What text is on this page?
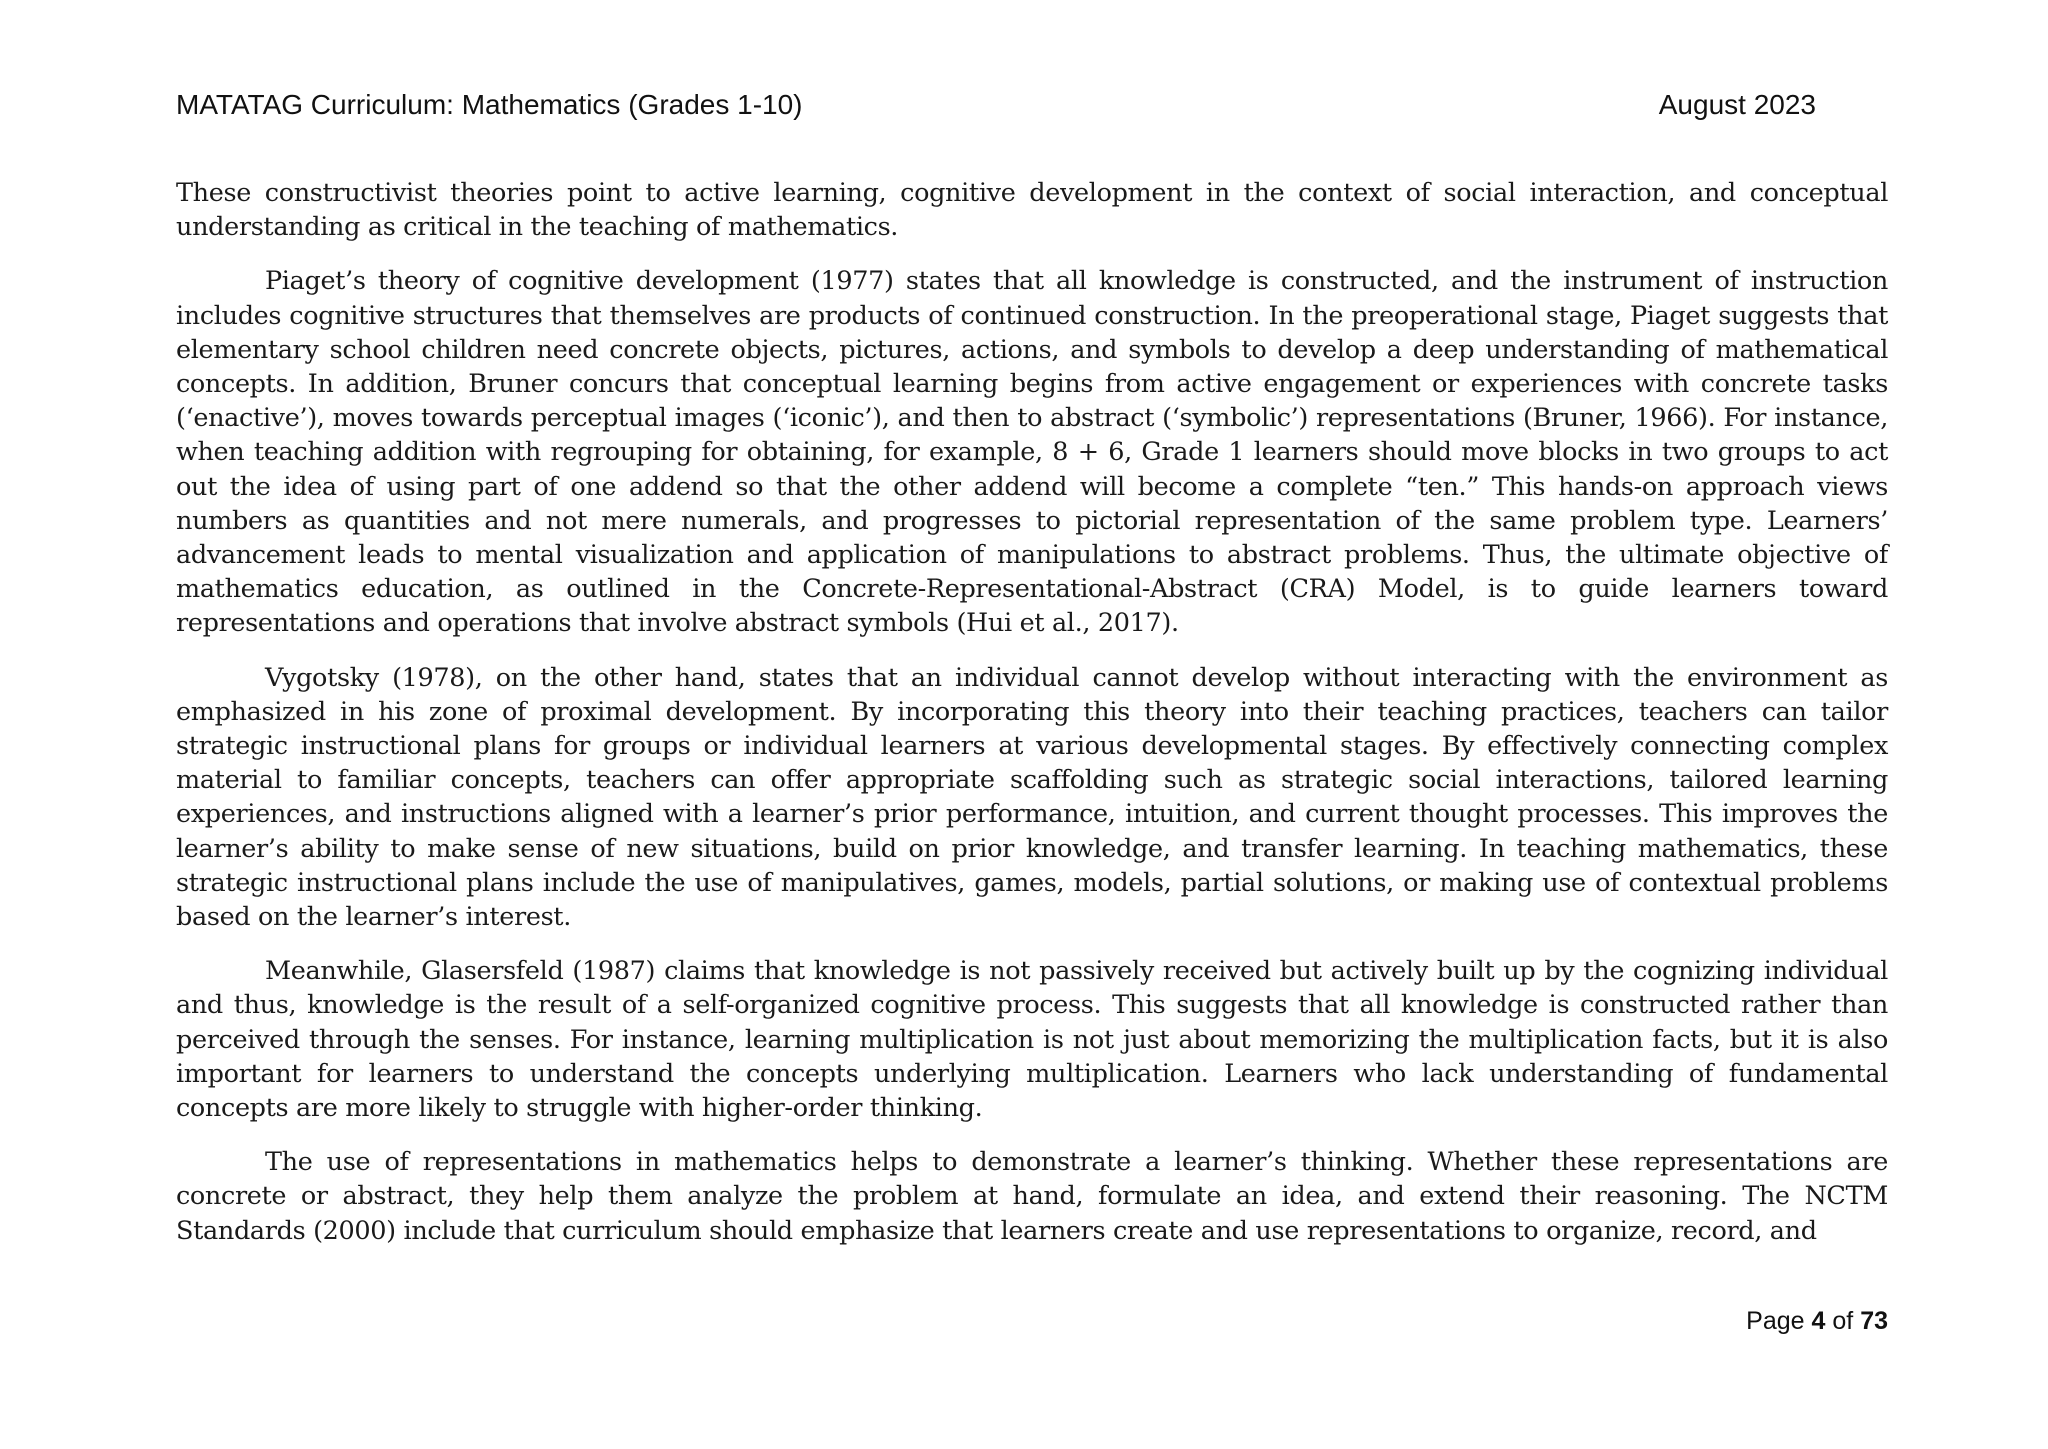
MATATAG Curriculum: Mathematics (Grades 1-10)	August 2023

These constructivist theories point to active learning, cognitive development in the context of social interaction, and conceptual understanding as critical in the teaching of mathematics.

Piaget’s theory of cognitive development (1977) states that all knowledge is constructed, and the instrument of instruction includes cognitive structures that themselves are products of continued construction. In the preoperational stage, Piaget suggests that elementary school children need concrete objects, pictures, actions, and symbols to develop a deep understanding of mathematical concepts. In addition, Bruner concurs that conceptual learning begins from active engagement or experiences with concrete tasks (‘enactive’), moves towards perceptual images (‘iconic’), and then to abstract (‘symbolic’) representations (Bruner, 1966). For instance, when teaching addition with regrouping for obtaining, for example, 8 + 6, Grade 1 learners should move blocks in two groups to act out the idea of using part of one addend so that the other addend will become a complete “ten.” This hands-on approach views numbers as quantities and not mere numerals, and progresses to pictorial representation of the same problem type. Learners’ advancement leads to mental visualization and application of manipulations to abstract problems. Thus, the ultimate objective of mathematics education, as outlined in the Concrete-Representational-Abstract (CRA) Model, is to guide learners toward representations and operations that involve abstract symbols (Hui et al., 2017).

Vygotsky (1978), on the other hand, states that an individual cannot develop without interacting with the environment as emphasized in his zone of proximal development. By incorporating this theory into their teaching practices, teachers can tailor strategic instructional plans for groups or individual learners at various developmental stages. By effectively connecting complex material to familiar concepts, teachers can offer appropriate scaffolding such as strategic social interactions, tailored learning experiences, and instructions aligned with a learner’s prior performance, intuition, and current thought processes. This improves the learner’s ability to make sense of new situations, build on prior knowledge, and transfer learning. In teaching mathematics, these strategic instructional plans include the use of manipulatives, games, models, partial solutions, or making use of contextual problems based on the learner’s interest.

Meanwhile, Glasersfeld (1987) claims that knowledge is not passively received but actively built up by the cognizing individual and thus, knowledge is the result of a self-organized cognitive process. This suggests that all knowledge is constructed rather than perceived through the senses. For instance, learning multiplication is not just about memorizing the multiplication facts, but it is also important for learners to understand the concepts underlying multiplication. Learners who lack understanding of fundamental concepts are more likely to struggle with higher-order thinking.

The use of representations in mathematics helps to demonstrate a learner’s thinking. Whether these representations are concrete or abstract, they help them analyze the problem at hand, formulate an idea, and extend their reasoning. The NCTM Standards (2000) include that curriculum should emphasize that learners create and use representations to organize, record, and

Page 4 of 73
